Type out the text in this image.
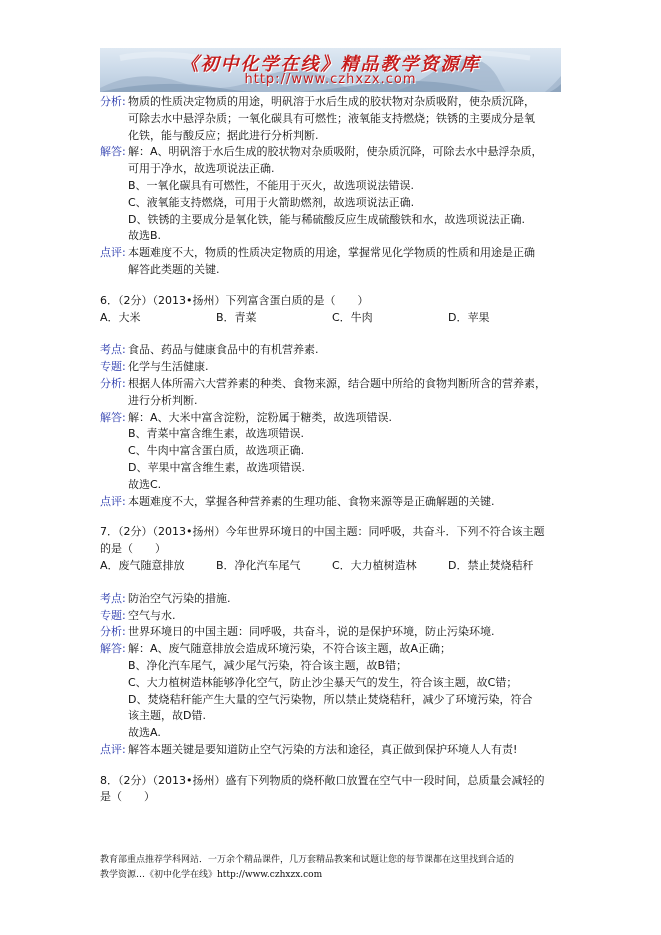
《初中化学在线》精品教学资源库
http://www.czhxzx.com
分析: 物质的性质决定物质的用途，明矾溶于水后生成的胶状物对杂质吸附，使杂质沉降，

可除去水中悬浮杂质；一氧化碳具有可燃性；液氧能支持燃烧；铁锈的主要成分是氧

化铁，能与酸反应；据此进行分析判断.

解答: 解：A、明矾溶于水后生成的胶状物对杂质吸附，使杂质沉降，可除去水中悬浮杂质，

可用于净水，故选项说法正确.

B、一氧化碳具有可燃性，不能用于灭火，故选项说法错误.

C、液氧能支持燃烧，可用于火箭助燃剂，故选项说法正确.

D、铁锈的主要成分是氧化铁，能与稀硫酸反应生成硫酸铁和水，故选项说法正确.

故选B.

点评: 本题难度不大，物质的性质决定物质的用途，掌握常见化学物质的性质和用途是正确

解答此类题的关键.

6．（2分）（2013•扬州）下列富含蛋白质的是（　　）

A．大米	B．青菜	C．牛肉	D．苹果
考点: 食品、药品与健康食品中的有机营养素.

专题: 化学与生活健康.

分析: 根据人体所需六大营养素的种类、食物来源，结合题中所给的食物判断所含的营养素，

进行分析判断.

解答: 解：A、大米中富含淀粉，淀粉属于糖类，故选项错误.

B、青菜中富含维生素，故选项错误.

C、牛肉中富含蛋白质，故选项正确.

D、苹果中富含维生素，故选项错误.

故选C.

点评: 本题难度不大，掌握各种营养素的生理功能、食物来源等是正确解题的关键.

7．（2分）（2013•扬州）今年世界环境日的中国主题：同呼吸，共奋斗．下列不符合该主题

的是（　　）

A．废气随意排放	B．净化汽车尾气	C．大力植树造林	D．禁止焚烧秸秆
考点: 防治空气污染的措施.

专题: 空气与水.

分析: 世界环境日的中国主题：同呼吸，共奋斗，说的是保护环境，防止污染环境.

解答: 解：A、废气随意排放会造成环境污染，不符合该主题，故A正确；

B、净化汽车尾气，减少尾气污染，符合该主题，故B错；

C、大力植树造林能够净化空气，防止沙尘暴天气的发生，符合该主题，故C错；

D、焚烧秸秆能产生大量的空气污染物，所以禁止焚烧秸秆，减少了环境污染，符合

该主题，故D错.

故选A.

点评: 解答本题关键是要知道防止空气污染的方法和途径，真正做到保护环境人人有责!

8．（2分）（2013•扬州）盛有下列物质的烧杯敞口放置在空气中一段时间，总质量会减轻的

是（　　）

教育部重点推荐学科网站．一万余个精品课件，几万套精品教案和试题让您的每节课都在这里找到合适的

教学资源…《初中化学在线》http://www.czhxzx.com
